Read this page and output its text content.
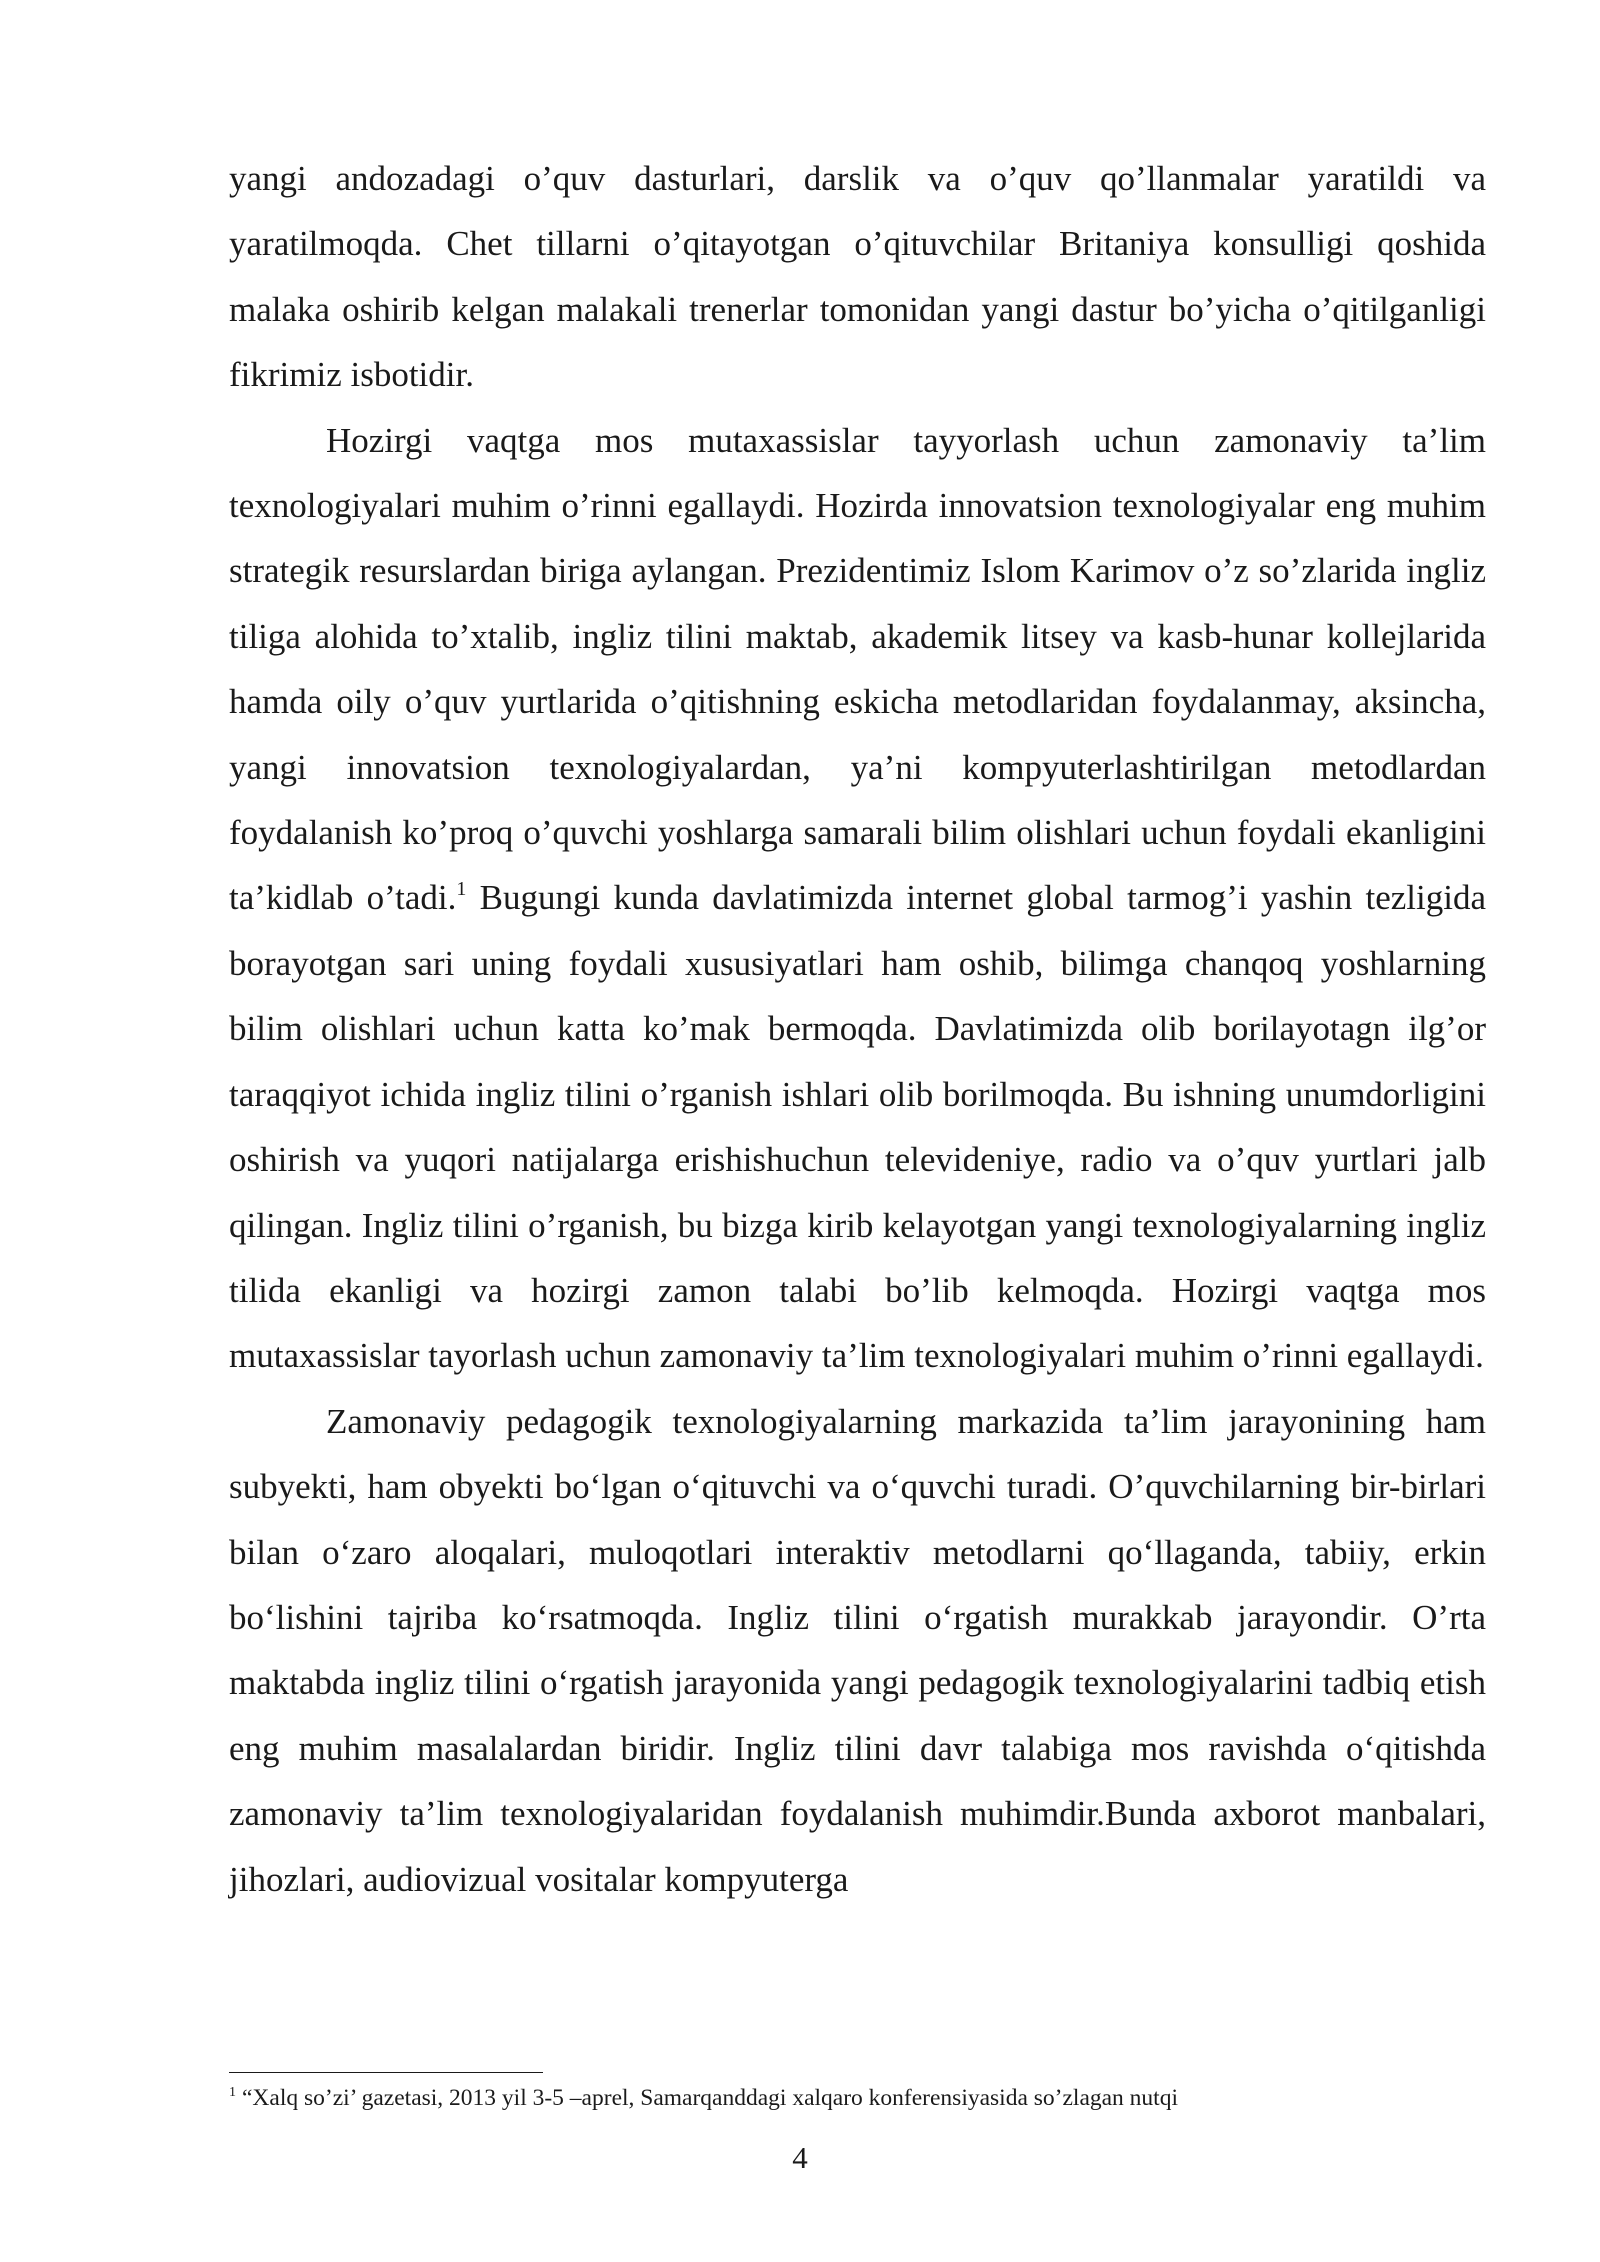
yangi andozadagi o’quv dasturlari, darslik va o’quv qo’llanmalar yaratildi va yaratilmoqda. Chet tillarni o’qitayotgan o’qituvchilar Britaniya konsulligi qoshida malaka oshirib kelgan malakali trenerlar tomonidan yangi dastur bo’yicha o’qitilganligi fikrimiz isbotidir.

Hozirgi vaqtga mos mutaxassislar tayyorlash uchun zamonaviy ta’lim texnologiyalari muhim o’rinni egallaydi. Hozirda innovatsion texnologiyalar eng muhim strategik resurslardan biriga aylangan. Prezidentimiz Islom Karimov o’z so’zlarida ingliz tiliga alohida to’xtalib, ingliz tilini maktab, akademik litsey va kasb-hunar kollejlarida hamda oily o’quv yurtlarida o’qitishning eskicha metodlaridan foydalanmay, aksincha, yangi innovatsion texnologiyalardan, ya’ni kompyuterlashtirilgan metodlardan foydalanish ko’proq o’quvchi yoshlarga samarali bilim olishlari uchun foydali ekanligini ta’kidlab o’tadi.$^1$ Bugungi kunda davlatimizda internet global tarmog’i yashin tezligida borayotgan sari uning foydali xususiyatlari ham oshib, bilimga chanqoq yoshlarning bilim olishlari uchun katta ko’mak bermoqda. Davlatimizda olib borilayotagn ilg’or taraqqiyot ichida ingliz tilini o’rganish ishlari olib borilmoqda. Bu ishning unumdorligini oshirish va yuqori natijalarga erishishuchun televideniye, radio va o’quv yurtlari jalb qilingan. Ingliz tilini o’rganish, bu bizga kirib kelayotgan yangi texnologiyalarning ingliz tilida ekanligi va hozirgi zamon talabi bo’lib kelmoqda. Hozirgi vaqtga mos mutaxassislar tayorlash uchun zamonaviy ta’lim texnologiyalari muhim o’rinni egallaydi.

Zamonaviy pedagogik texnologiyalarning markazida ta’lim jarayonining ham subyekti, ham obyekti bo‘lgan o‘qituvchi va o‘quvchi turadi. O’quvchilarning bir-birlari bilan o‘zaro aloqalari, muloqotlari interaktiv metodlarni qo‘llaganda, tabiiy, erkin bo‘lishini tajriba ko‘rsatmoqda. Ingliz tilini o‘rgatish murakkab jarayondir. O’rta maktabda ingliz tilini o‘rgatish jarayonida yangi pedagogik texnologiyalarini tadbiq etish eng muhim masalalardan biridir. Ingliz tilini davr talabiga mos ravishda o‘qitishda zamonaviy ta’lim texnologiyalaridan foydalanish muhimdir.Bunda axborot manbalari, jihozlari, audiovizual vositalar kompyuterga

$^1$ “Xalq so’zi’ gazetasi, 2013 yil 3-5 –aprel, Samarqanddagi xalqaro konferensiyasida so’zlagan nutqi
4
